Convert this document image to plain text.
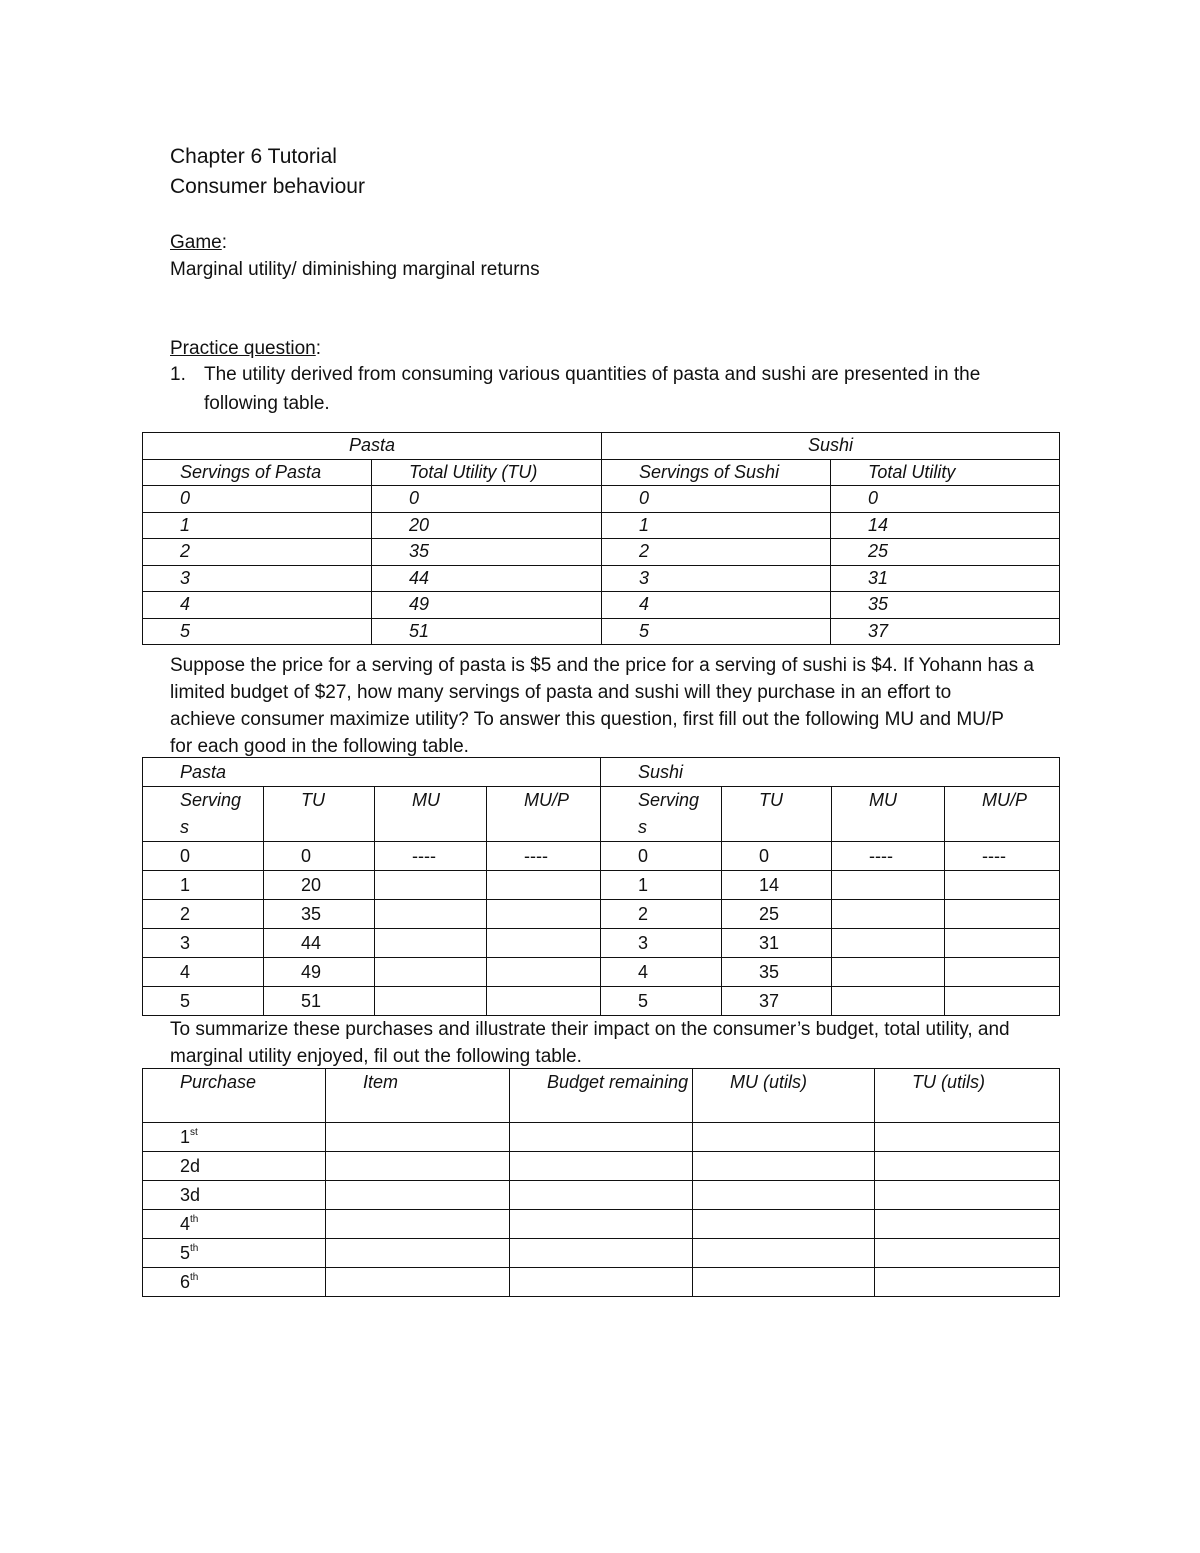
Chapter 6 Tutorial
Consumer behaviour
Game:
Marginal utility/ diminishing marginal returns
Practice question:
1. The utility derived from consuming various quantities of pasta and sushi are presented in the
following table.
Pasta		Sushi	
Servings of Pasta	Total Utility (TU)	Servings of Sushi	Total Utility
0	0	0	0
1	20	1	14
2	35	2	25
3	44	3	31
4	49	4	35
5	51	5	37
Suppose the price for a serving of pasta is $5 and the price for a serving of sushi is $4. If Yohann has a
limited budget of $27, how many servings of pasta and sushi will they purchase in an effort to
achieve consumer maximize utility? To answer this question, first fill out the following MU and MU/P
for each good in the following table.
Pasta				Sushi			
Serving
s	TU	MU	MU/P	Serving
s	TU	MU	MU/P
0	0	----	----	0	0	----	----
1	20			1	14		
2	35			2	25		
3	44			3	31		
4	49			4	35		
5	51			5	37		
To summarize these purchases and illustrate their impact on the consumer’s budget, total utility, and
marginal utility enjoyed, fil out the following table.
Purchase	Item	Budget remaining	MU (utils)	TU (utils)
1st				
2d				
3d				
4th				
5th				
6th				
